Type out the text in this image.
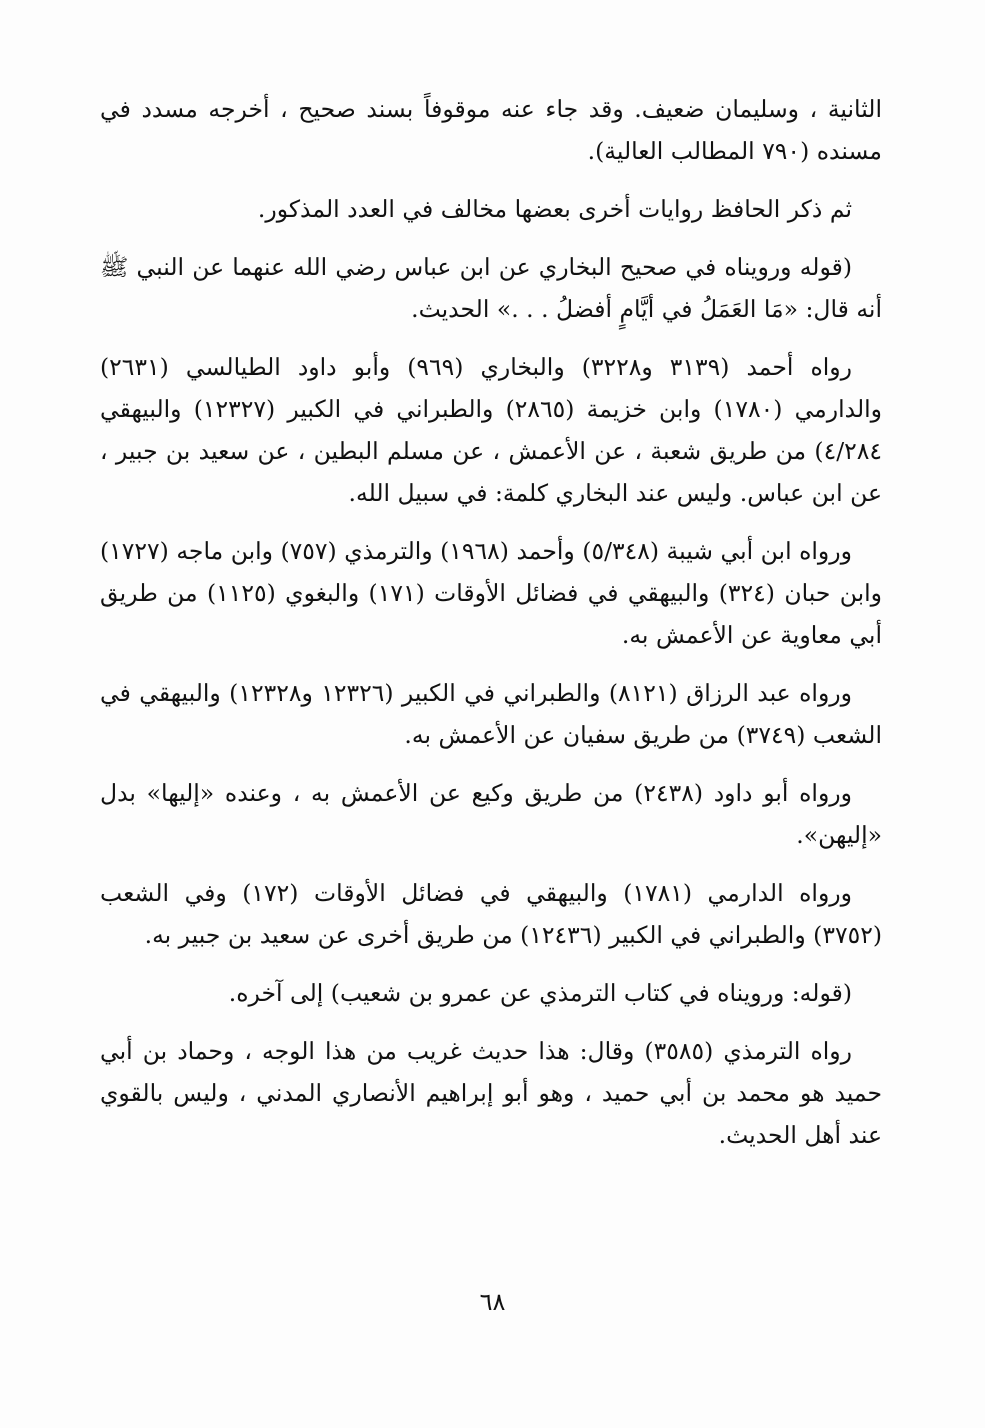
الثانية ، وسليمان ضعيف. وقد جاء عنه موقوفاً بسند صحيح ، أخرجه مسدد في مسنده (٧٩٠ المطالب العالية).

ثم ذكر الحافظ روايات أخرى بعضها مخالف في العدد المذكور.

(قوله ورويناه في صحيح البخاري عن ابن عباس رضي الله عنهما عن النبي ﷺ أنه قال: «مَا العَمَلُ في أيَّامٍ أفضلُ . . .» الحديث.

رواه أحمد (٣١٣٩ و٣٢٢٨) والبخاري (٩٦٩) وأبو داود الطيالسي (٢٦٣١) والدارمي (١٧٨٠) وابن خزيمة (٢٨٦٥) والطبراني في الكبير (١٢٣٢٧) والبيهقي ٤/٢٨٤) من طريق شعبة ، عن الأعمش ، عن مسلم البطين ، عن سعيد بن جبير ، عن ابن عباس. وليس عند البخاري كلمة: في سبيل الله.

ورواه ابن أبي شيبة (٥/٣٤٨) وأحمد (١٩٦٨) والترمذي (٧٥٧) وابن ماجه (١٧٢٧) وابن حبان (٣٢٤) والبيهقي في فضائل الأوقات (١٧١) والبغوي (١١٢٥) من طريق أبي معاوية عن الأعمش به.

ورواه عبد الرزاق (٨١٢١) والطبراني في الكبير (١٢٣٢٦ و١٢٣٢٨) والبيهقي في الشعب (٣٧٤٩) من طريق سفيان عن الأعمش به.

ورواه أبو داود (٢٤٣٨) من طريق وكيع عن الأعمش به ، وعنده «إليها» بدل «إليهن».

ورواه الدارمي (١٧٨١) والبيهقي في فضائل الأوقات (١٧٢) وفي الشعب (٣٧٥٢) والطبراني في الكبير (١٢٤٣٦) من طريق أخرى عن سعيد بن جبير به.

(قوله: ورويناه في كتاب الترمذي عن عمرو بن شعيب) إلى آخره.

رواه الترمذي (٣٥٨٥) وقال: هذا حديث غريب من هذا الوجه ، وحماد بن أبي حميد هو محمد بن أبي حميد ، وهو أبو إبراهيم الأنصاري المدني ، وليس بالقوي عند أهل الحديث.

٦٨
